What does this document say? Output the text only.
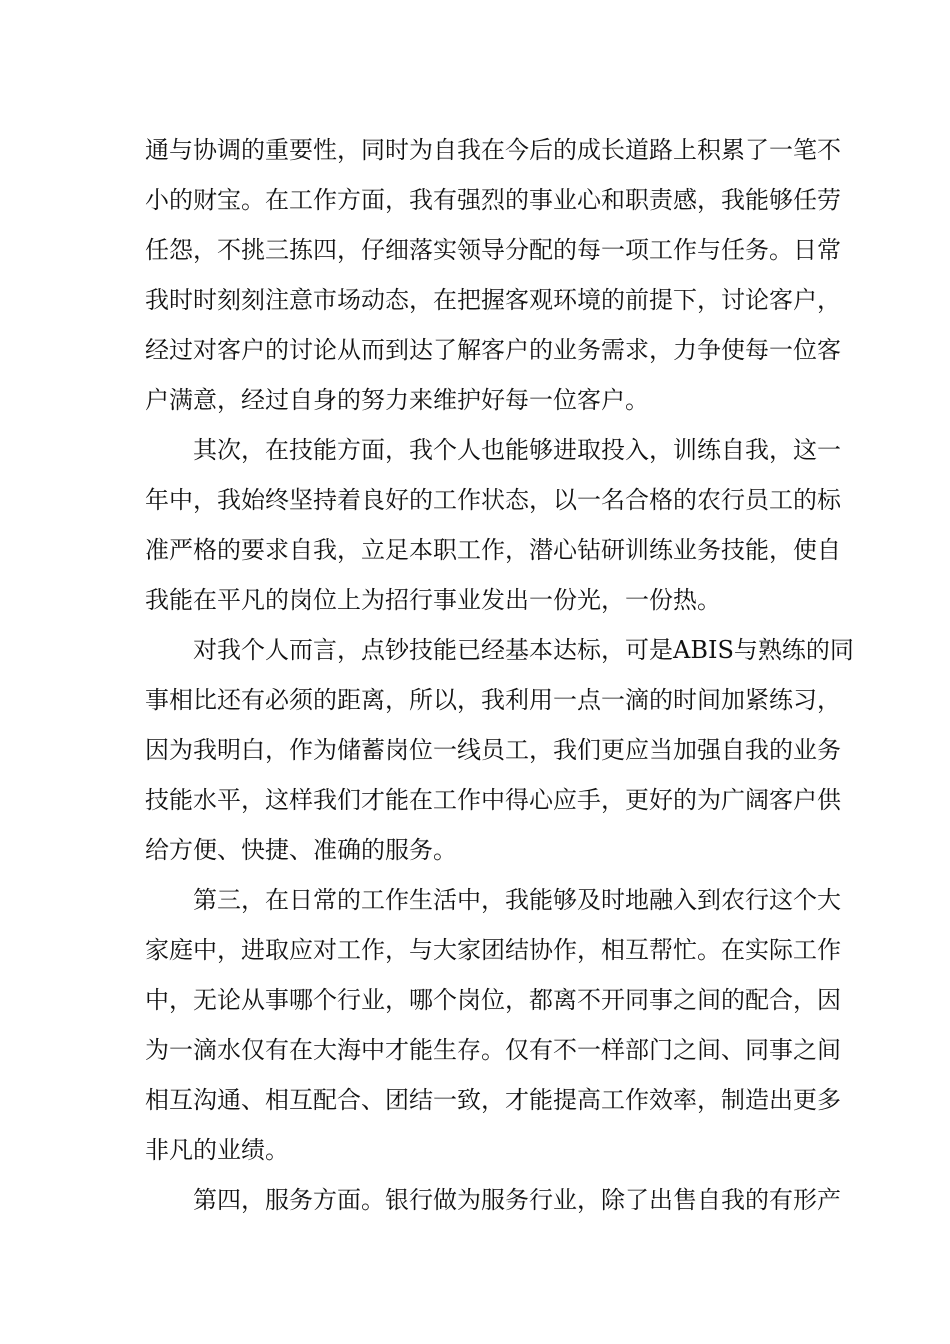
通与协调的重要性，同时为自我在今后的成长道路上积累了一笔不
小的财宝。在工作方面，我有强烈的事业心和职责感，我能够任劳
任怨，不挑三拣四，仔细落实领导分配的每一项工作与任务。日常
我时时刻刻注意市场动态，在把握客观环境的前提下，讨论客户，
经过对客户的讨论从而到达了解客户的业务需求，力争使每一位客
户满意，经过自身的努力来维护好每一位客户。
其次，在技能方面，我个人也能够进取投入，训练自我，这一
年中，我始终坚持着良好的工作状态，以一名合格的农行员工的标
准严格的要求自我，立足本职工作，潜心钻研训练业务技能，使自
我能在平凡的岗位上为招行事业发出一份光，一份热。
对我个人而言，点钞技能已经基本达标，可是ABIS与熟练的同
事相比还有必须的距离，所以，我利用一点一滴的时间加紧练习，
因为我明白，作为储蓄岗位一线员工，我们更应当加强自我的业务
技能水平，这样我们才能在工作中得心应手，更好的为广阔客户供
给方便、快捷、准确的服务。
第三，在日常的工作生活中，我能够及时地融入到农行这个大
家庭中，进取应对工作，与大家团结协作，相互帮忙。在实际工作
中，无论从事哪个行业，哪个岗位，都离不开同事之间的配合，因
为一滴水仅有在大海中才能生存。仅有不一样部门之间、同事之间
相互沟通、相互配合、团结一致，才能提高工作效率，制造出更多
非凡的业绩。
第四，服务方面。银行做为服务行业，除了出售自我的有形产
